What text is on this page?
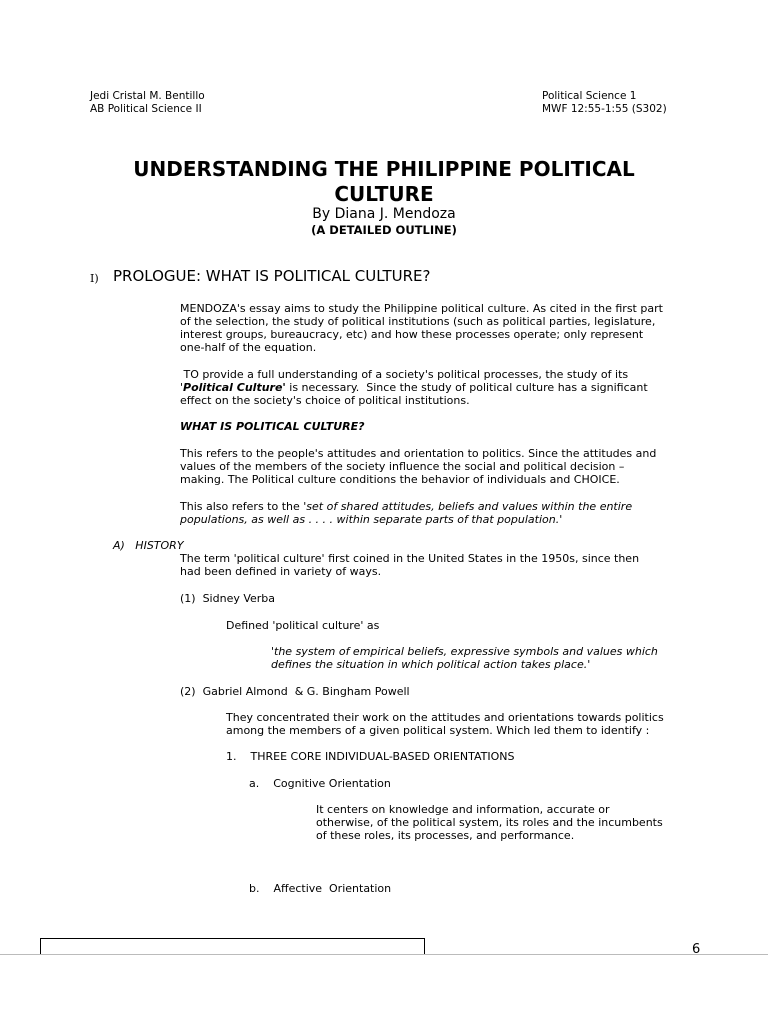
Jedi Cristal M. Bentillo
AB Political Science II
Political Science 1
MWF 12:55-1:55 (S302)
UNDERSTANDING THE PHILIPPINE POLITICAL
CULTURE
By Diana J. Mendoza
(A DETAILED OUTLINE)
I) PROLOGUE: WHAT IS POLITICAL CULTURE?
MENDOZA's essay aims to study the Philippine political culture. As cited in the first part
of the selection, the study of political institutions (such as political parties, legislature,
interest groups, bureaucracy, etc) and how these processes operate; only represent
one-half of the equation.
TO provide a full understanding of a society's political processes, the study of its
'Political Culture' is necessary.  Since the study of political culture has a significant
effect on the society's choice of political institutions.
WHAT IS POLITICAL CULTURE?
This refers to the people's attitudes and orientation to politics. Since the attitudes and
values of the members of the society influence the social and political decision –
making. The Political culture conditions the behavior of individuals and CHOICE.
This also refers to the 'set of shared attitudes, beliefs and values within the entire
populations, as well as . . . . within separate parts of that population.'
A)   HISTORY
The term 'political culture' first coined in the United States in the 1950s, since then
had been defined in variety of ways.
(1)  Sidney Verba
Defined 'political culture' as
'the system of empirical beliefs, expressive symbols and values which
defines the situation in which political action takes place.'
(2)  Gabriel Almond  & G. Bingham Powell
They concentrated their work on the attitudes and orientations towards politics
among the members of a given political system. Which led them to identify :
1.    THREE CORE INDIVIDUAL-BASED ORIENTATIONS
a.    Cognitive Orientation
It centers on knowledge and information, accurate or
otherwise, of the political system, its roles and the incumbents
of these roles, its processes, and performance.
b.    Affective  Orientation
6
